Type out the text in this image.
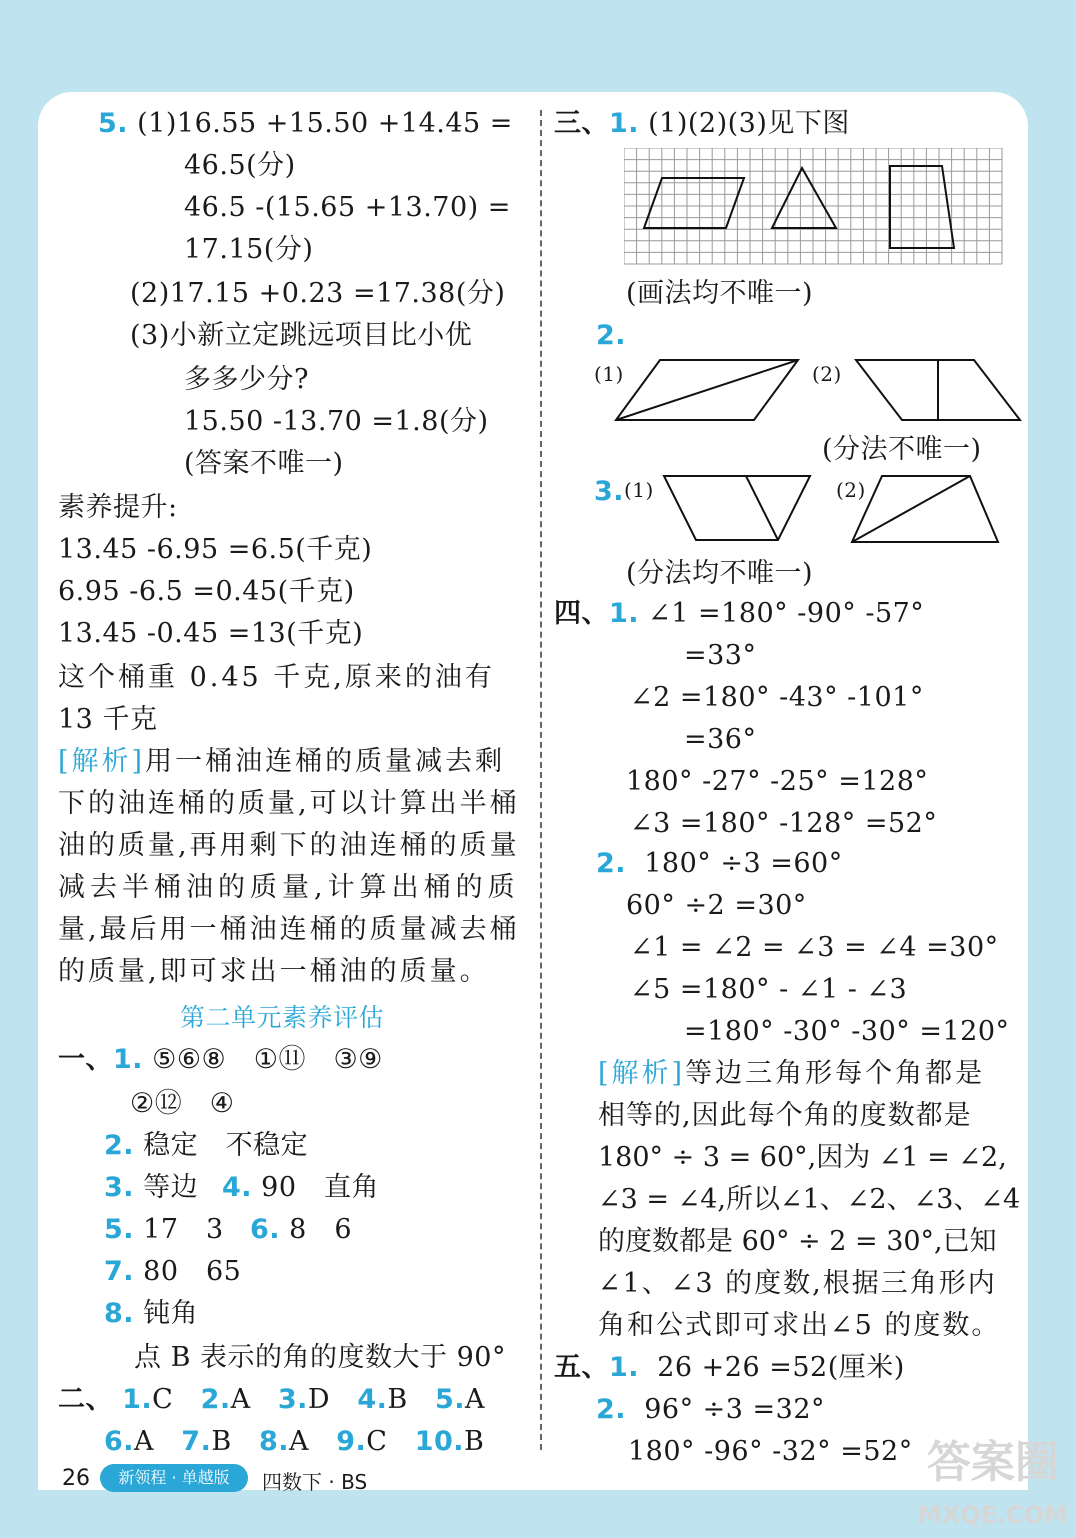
5. (1)16.55 +15.50 +14.45 =
46.5(分)
46.5 -(15.65 +13.70) =
17.15(分)
(2)17.15 +0.23 =17.38(分)
(3)小新立定跳远项目比小优
多多少分?
15.50 -13.70 =1.8(分)
(答案不唯一)
素养提升:
13.45 -6.95 =6.5(千克)
6.95 -6.5 =0.45(千克)
13.45 -0.45 =13(千克)
这个桶重 0.45 千克,原来的油有
13 千克
[解析]用一桶油连桶的质量减去剩
下的油连桶的质量,可以计算出半桶
油的质量,再用剩下的油连桶的质量
减去半桶油的质量,计算出桶的质
量,最后用一桶油连桶的质量减去桶
的质量,即可求出一桶油的质量。
第二单元素养评估
一、1. ⑤⑥⑧　①⑪　③⑨
②⑫　④
2. 稳定　不稳定
3. 等边 4. 90　直角
5. 17　3 6. 8　6
7. 80　65
8. 钝角
点 B 表示的角的度数大于 90°
二、 1.C 2.A 3.D 4.B 5.A
6.A 7.B 8.A 9.C 10.B
三、1. (1)(2)(3)见下图
(画法均不唯一)
2.
(1)	(2)
(分法不唯一)
3. (1)	(2)
(分法均不唯一)
四、1. ∠1 =180° -90° -57°
=33°
∠2 =180° -43° -101°
=36°
180° -27° -25° =128°
∠3 =180° -128° =52°
2. 180° ÷3 =60°
60° ÷2 =30°
∠1 = ∠2 = ∠3 = ∠4 =30°
∠5 =180° - ∠1 - ∠3
=180° -30° -30° =120°
[解析]等边三角形每个角都是
相等的,因此每个角的度数都是
180° ÷ 3 = 60°,因为 ∠1 = ∠2,
∠3 = ∠4,所以∠1、∠2、∠3、∠4
的度数都是 60° ÷ 2 = 30°,已知
∠1、∠3 的度数,根据三角形内
角和公式即可求出∠5 的度数。
五、1. 26 +26 =52(厘米)
2. 96° ÷3 =32°
180° -96° -32° =52°
26	新领程 · 单越版	四数下 · BS	答案圈
MXQE.COM
